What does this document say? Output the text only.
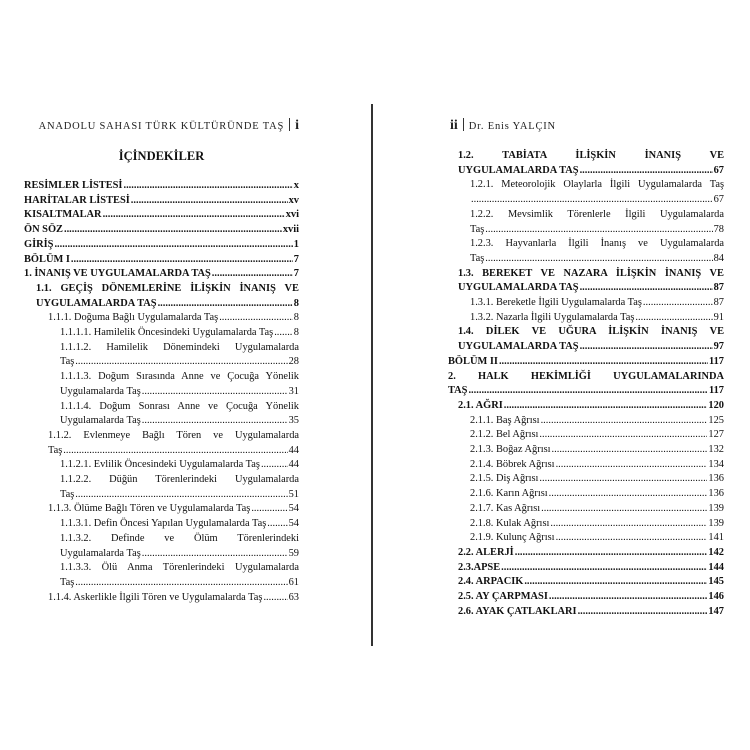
ANADOLU SAHASI TÜRK KÜLTÜRÜNDE TAŞ i
İÇİNDEKİLER
RESİMLER LİSTESİ .....	x
HARİTALAR LİSTESİ .....	xv
KISALTMALAR .....	xvi
ÖN SÖZ .....	xvii
GİRİŞ .....	1
BÖLÜM I .....	7
1. İNANIŞ VE UYGULAMALARDA TAŞ .....	7
1.1. GEÇİŞ DÖNEMLERİNE İLİŞKİN İNANIŞ VE
UYGULAMALARDA TAŞ .....	8
1.1.1. Doğuma Bağlı Uygulamalarda Taş .....	8
1.1.1.1. Hamilelik Öncesindeki Uygulamalarda Taş ..... 8
1.1.1.2. Hamilelik Dönemindeki Uygulamalarda
Taş .....	28
1.1.1.3. Doğum Sırasında Anne ve Çocuğa Yönelik
Uygulamalarda Taş .....	31
1.1.1.4. Doğum Sonrası Anne ve Çocuğa Yönelik
Uygulamalarda Taş .....	35
1.1.2. Evlenmeye Bağlı Tören ve Uygulamalarda
Taş .....	44
1.1.2.1. Evlilik Öncesindeki Uygulamalarda Taş .....	44
1.1.2.2. Düğün Törenlerindeki Uygulamalarda
Taş .....	51
1.1.3. Ölüme Bağlı Tören ve Uygulamalarda Taş .....	54
1.1.3.1. Defin Öncesi Yapılan Uygulamalarda Taş ..... 54
1.1.3.2. Definde ve Ölüm Törenlerindeki
Uygulamalarda Taş .....	59
1.1.3.3. Ölü Anma Törenlerindeki Uygulamalarda
Taş .....	61
1.1.4. Askerlikle İlgili Tören ve Uygulamalarda Taş .....	63
ii Dr. Enis YALÇIN
1.2. TABİATA İLİŞKİN İNANIŞ VE
UYGULAMALARDA TAŞ .....	67
1.2.1. Meteorolojik Olaylarla İlgili Uygulamalarda Taş
.....
67
1.2.2. Mevsimlik Törenlerle İlgili Uygulamalarda
Taş .....	78
1.2.3. Hayvanlarla İlgili İnanış ve Uygulamalarda
Taş .....	84
1.3. BEREKET VE NAZARA İLİŞKİN İNANIŞ VE
UYGULAMALARDA TAŞ .....	87
1.3.1. Bereketle İlgili Uygulamalarda Taş .....	87
1.3.2. Nazarla İlgili Uygulamalarda Taş .....	91
1.4. DİLEK VE UĞURA İLİŞKİN İNANIŞ VE
UYGULAMALARDA TAŞ .....	97
BÖLÜM II .....	117
2. HALK HEKİMLİĞİ UYGULAMALARINDA
TAŞ .....	117
2.1. AĞRI .....	120
2.1.1. Baş Ağrısı .....	125
2.1.2. Bel Ağrısı .....	127
2.1.3. Boğaz Ağrısı .....	132
2.1.4. Böbrek Ağrısı .....	134
2.1.5. Diş Ağrısı .....	136
2.1.6. Karın Ağrısı .....	136
2.1.7. Kas Ağrısı .....	139
2.1.8. Kulak Ağrısı .....	139
2.1.9. Kulunç Ağrısı .....	141
2.2. ALERJİ .....	142
2.3.APSE .....	144
2.4. ARPACIK .....	145
2.5. AY ÇARPMASI .....	146
2.6. AYAK ÇATLAKLARI .....	147
